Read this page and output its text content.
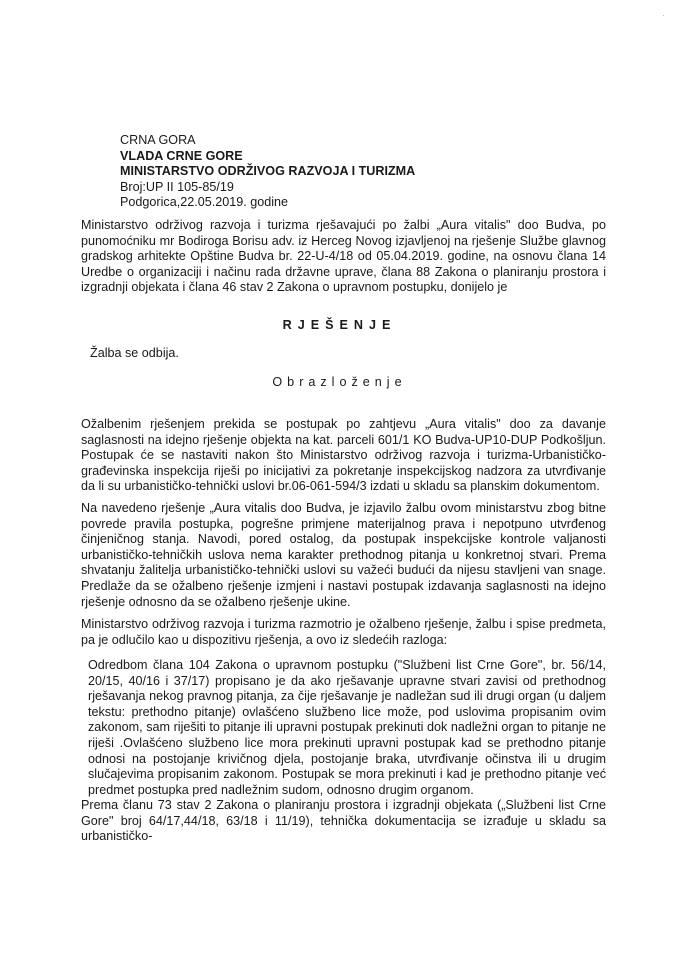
·
CRNA GORA
VLADA CRNE GORE
MINISTARSTVO ODRŽIVOG RAZVOJA I TURIZMA
Broj:UP II 105-85/19
Podgorica,22.05.2019. godine

Ministarstvo održivog razvoja i turizma rješavajući po žalbi „Aura vitalis" doo Budva, po punomoćniku mr Bodiroga Borisu adv. iz Herceg Novog izjavljenoj na rješenje Službe glavnog gradskog arhitekte Opštine Budva br. 22-U-4/18 od 05.04.2019. godine, na osnovu člana 14 Uredbe o organizaciji i načinu rada državne uprave, člana 88 Zakona o planiranju prostora i izgradnji objekata i člana 46 stav 2 Zakona o upravnom postupku, donijelo je

RJEŠENJE

Žalba se odbija.

Obrazloženje

Ožalbenim rješenjem prekida se postupak po zahtjevu „Aura vitalis" doo za davanje saglasnosti na idejno rješenje objekta na kat. parceli 601/1 KO Budva-UP10-DUP Podkošljun. Postupak će se nastaviti nakon što Ministarstvo održivog razvoja i turizma-Urbanističko-građevinska inspekcija riješi po inicijativi za pokretanje inspekcijskog nadzora za utvrđivanje da li su urbanističko-tehnički uslovi br.06-061-594/3 izdati u skladu sa planskim dokumentom.

Na navedeno rješenje „Aura vitalis doo Budva, je izjavilo žalbu ovom ministarstvu zbog bitne povrede pravila postupka, pogrešne primjene materijalnog prava i nepotpuno utvrđenog činjeničnog stanja. Navodi, pored ostalog, da postupak inspekcijske kontrole valjanosti urbanističko-tehničkih uslova nema karakter prethodnog pitanja u konkretnoj stvari. Prema shvatanju žalitelja urbanističko-tehnički uslovi su važeći budući da nijesu stavljeni van snage. Predlaže da se ožalbeno rješenje izmjeni i nastavi postupak izdavanja saglasnosti na idejno rješenje odnosno da se ožalbeno rješenje ukine.

Ministarstvo održivog razvoja i turizma razmotrio je ožalbeno rješenje, žalbu i spise predmeta, pa je odlučilo kao u dispozitivu rješenja, a ovo iz sledećih razloga:

Odredbom člana 104 Zakona o upravnom postupku ("Službeni list Crne Gore", br. 56/14, 20/15, 40/16 i 37/17) propisano je da ako rješavanje upravne stvari zavisi od prethodnog rješavanja nekog pravnog pitanja, za čije rješavanje je nadležan sud ili drugi organ (u daljem tekstu: prethodno pitanje) ovlašćeno službeno lice može, pod uslovima propisanim ovim zakonom, sam riješiti to pitanje ili upravni postupak prekinuti dok nadležni organ to pitanje ne riješi .Ovlašćeno službeno lice mora prekinuti upravni postupak kad se prethodno pitanje odnosi na postojanje krivičnog djela, postojanje braka, utvrđivanje očinstva ili u drugim slučajevima propisanim zakonom. Postupak se mora prekinuti i kad je prethodno pitanje već predmet postupka pred nadležnim sudom, odnosno drugim organom.

Prema članu 73 stav 2 Zakona o planiranju prostora i izgradnji objekata („Službeni list Crne Gore" broj 64/17,44/18, 63/18 i 11/19), tehnička dokumentacija se izrađuje u skladu sa urbanističko-
